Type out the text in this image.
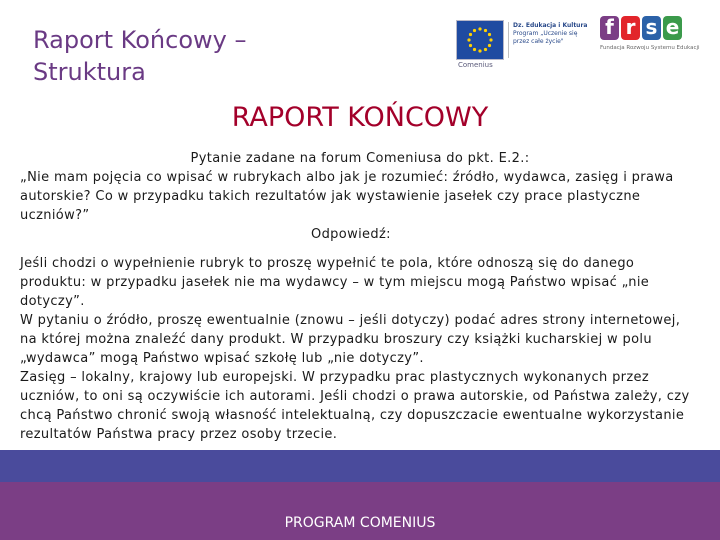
Raport Końcowy – Struktura
Dz. Edukacja i Kultura
Program „Uczenie się przez całe życie"
Comenius
f r s e
Fundacja Rozwoju Systemu Edukacji
RAPORT KOŃCOWY

Pytanie zadane na forum Comeniusa do pkt. E.2.:

„Nie mam pojęcia co wpisać w rubrykach albo jak je rozumieć: źródło, wydawca, zasięg i prawa autorskie? Co w przypadku takich rezultatów jak wystawienie jasełek czy prace plastyczne uczniów?”

Odpowiedź:

Jeśli chodzi o wypełnienie rubryk to proszę wypełnić te pola, które odnoszą się do danego produktu: w przypadku jasełek nie ma wydawcy – w tym miejscu mogą Państwo wpisać „nie dotyczy”.

W pytaniu o źródło, proszę ewentualnie (znowu – jeśli dotyczy) podać adres strony internetowej, na której można znaleźć dany produkt. W przypadku broszury czy książki kucharskiej w polu „wydawca” mogą Państwo wpisać szkołę lub „nie dotyczy”.

Zasięg – lokalny, krajowy lub europejski. W przypadku prac plastycznych wykonanych przez uczniów, to oni są oczywiście ich autorami. Jeśli chodzi o prawa autorskie, od Państwa zależy, czy chcą Państwo chronić swoją własność intelektualną, czy dopuszczacie ewentualne wykorzystanie rezultatów Państwa pracy przez osoby trzecie.

PROGRAM COMENIUS
